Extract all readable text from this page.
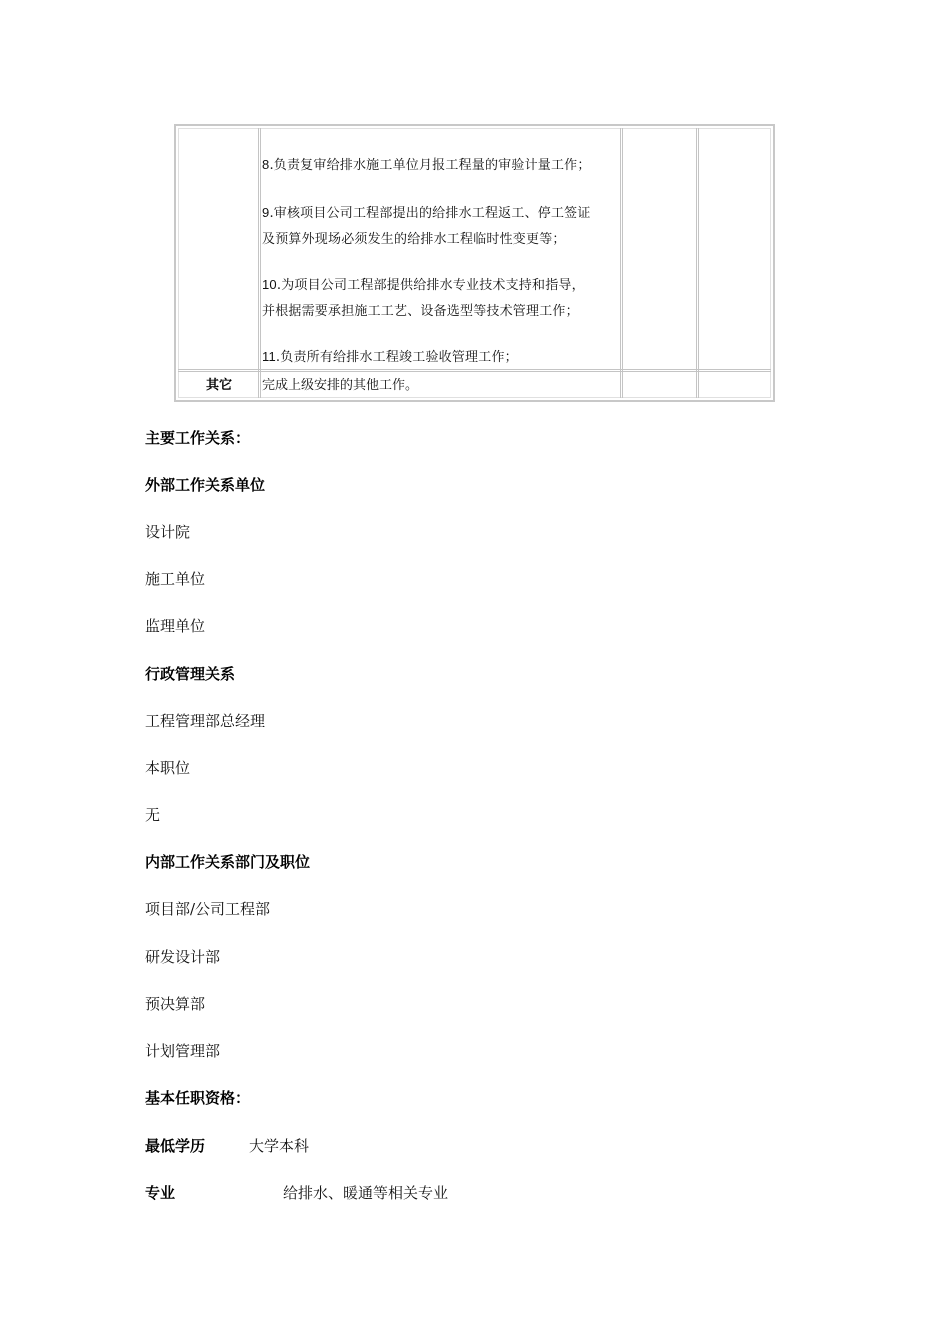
8.负责复审给排水施工单位月报工程量的审验计量工作；
9.审核项目公司工程部提出的给排水工程返工、停工签证
及预算外现场必须发生的给排水工程临时性变更等；
10.为项目公司工程部提供给排水专业技术支持和指导，
并根据需要承担施工工艺、设备选型等技术管理工作；
11.负责所有给排水工程竣工验收管理工作；
其它	完成上级安排的其他工作。
主要工作关系：
外部工作关系单位
设计院
施工单位
监理单位
行政管理关系
工程管理部总经理
本职位
无
内部工作关系部门及职位
项目部/公司工程部
研发设计部
预决算部
计划管理部
基本任职资格：
最低学历	大学本科
专业	给排水、暖通等相关专业
